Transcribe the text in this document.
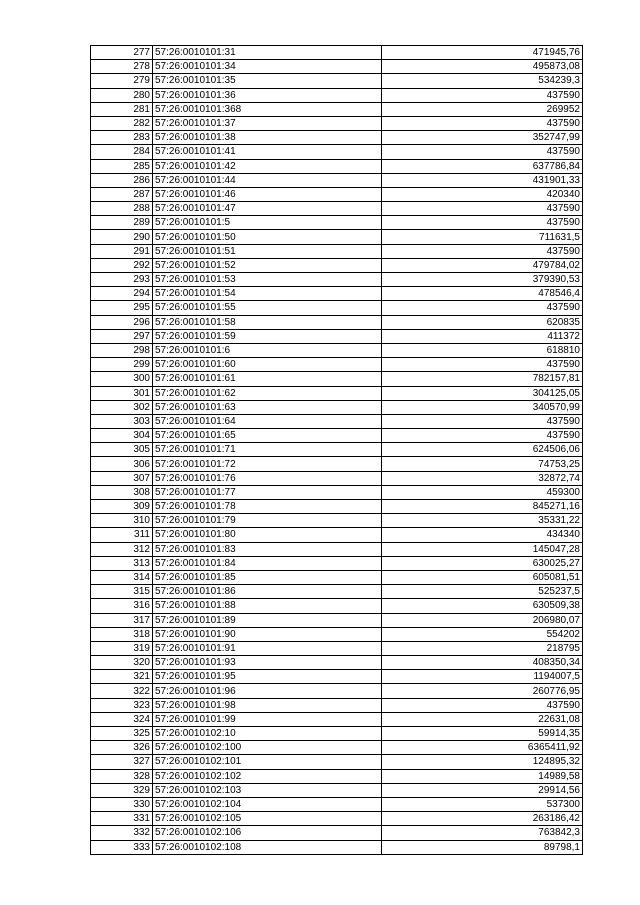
277	57:26:0010101:31	471945,76
278	57:26:0010101:34	495873,08
279	57:26:0010101:35	534239,3
280	57:26:0010101:36	437590
281	57:26:0010101:368	269952
282	57:26:0010101:37	437590
283	57:26:0010101:38	352747,99
284	57:26:0010101:41	437590
285	57:26:0010101:42	637786,84
286	57:26:0010101:44	431901,33
287	57:26:0010101:46	420340
288	57:26:0010101:47	437590
289	57:26:0010101:5	437590
290	57:26:0010101:50	711631,5
291	57:26:0010101:51	437590
292	57:26:0010101:52	479784,02
293	57:26:0010101:53	379390,53
294	57:26:0010101:54	478546,4
295	57:26:0010101:55	437590
296	57:26:0010101:58	620835
297	57:26:0010101:59	411372
298	57:26:0010101:6	618810
299	57:26:0010101:60	437590
300	57:26:0010101:61	782157,81
301	57:26:0010101:62	304125,05
302	57:26:0010101:63	340570,99
303	57:26:0010101:64	437590
304	57:26:0010101:65	437590
305	57:26:0010101:71	624506,06
306	57:26:0010101:72	74753,25
307	57:26:0010101:76	32872,74
308	57:26:0010101:77	459300
309	57:26:0010101:78	845271,16
310	57:26:0010101:79	35331,22
311	57:26:0010101:80	434340
312	57:26:0010101:83	145047,28
313	57:26:0010101:84	630025,27
314	57:26:0010101:85	605081,51
315	57:26:0010101:86	525237,5
316	57:26:0010101:88	630509,38
317	57:26:0010101:89	206980,07
318	57:26:0010101:90	554202
319	57:26:0010101:91	218795
320	57:26:0010101:93	408350,34
321	57:26:0010101:95	1194007,5
322	57:26:0010101:96	260776,95
323	57:26:0010101:98	437590
324	57:26:0010101:99	22631,08
325	57:26:0010102:10	59914,35
326	57:26:0010102:100	6365411,92
327	57:26:0010102:101	124895,32
328	57:26:0010102:102	14989,58
329	57:26:0010102:103	29914,56
330	57:26:0010102:104	537300
331	57:26:0010102:105	263186,42
332	57:26:0010102:106	763842,3
333	57:26:0010102:108	89798,1
